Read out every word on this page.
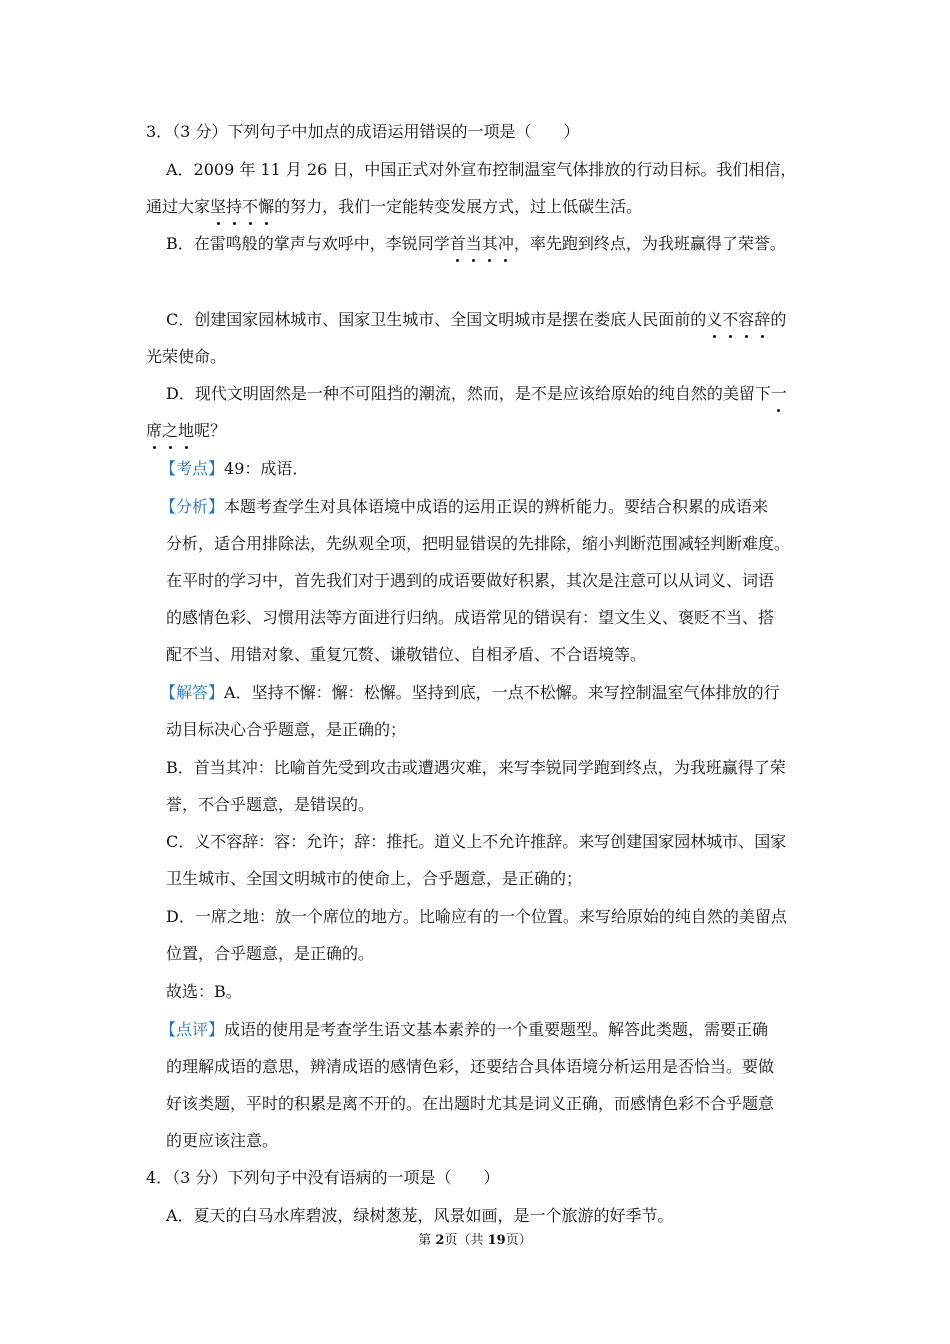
3．（3 分）下列句子中加点的成语运用错误的一项是（　　）
A．2009 年 11 月 26 日，中国正式对外宣布控制温室气体排放的行动目标。我们相信，
通过大家坚持不懈的努力，我们一定能转变发展方式，过上低碳生活。
B．在雷鸣般的掌声与欢呼中，李锐同学首当其冲，率先跑到终点，为我班赢得了荣誉。
C．创建国家园林城市、国家卫生城市、全国文明城市是摆在娄底人民面前的义不容辞的
光荣使命。
D．现代文明固然是一种不可阻挡的潮流，然而，是不是应该给原始的纯自然的美留下一
席之地呢？
【考点】49：成语．
【分析】本题考查学生对具体语境中成语的运用正误的辨析能力。要结合积累的成语来
分析，适合用排除法，先纵观全项，把明显错误的先排除，缩小判断范围减轻判断难度。
在平时的学习中，首先我们对于遇到的成语要做好积累，其次是注意可以从词义、词语
的感情色彩、习惯用法等方面进行归纳。成语常见的错误有：望文生义、褒贬不当、搭
配不当、用错对象、重复冗赘、谦敬错位、自相矛盾、不合语境等。
【解答】A．坚持不懈：懈：松懈。坚持到底，一点不松懈。来写控制温室气体排放的行
动目标决心合乎题意，是正确的；
B．首当其冲：比喻首先受到攻击或遭遇灾难，来写李锐同学跑到终点，为我班赢得了荣
誉，不合乎题意，是错误的。
C．义不容辞：容：允许；辞：推托。道义上不允许推辞。来写创建国家园林城市、国家
卫生城市、全国文明城市的使命上，合乎题意，是正确的；
D．一席之地：放一个席位的地方。比喻应有的一个位置。来写给原始的纯自然的美留点
位置，合乎题意，是正确的。
故选：B。
【点评】成语的使用是考查学生语文基本素养的一个重要题型。解答此类题，需要正确
的理解成语的意思，辨清成语的感情色彩，还要结合具体语境分析运用是否恰当。要做
好该类题，平时的积累是离不开的。在出题时尤其是词义正确，而感情色彩不合乎题意
的更应该注意。
4．（3 分）下列句子中没有语病的一项是（　　）
A．夏天的白马水库碧波，绿树葱茏，风景如画，是一个旅游的好季节。
第 2页（共 19页）
